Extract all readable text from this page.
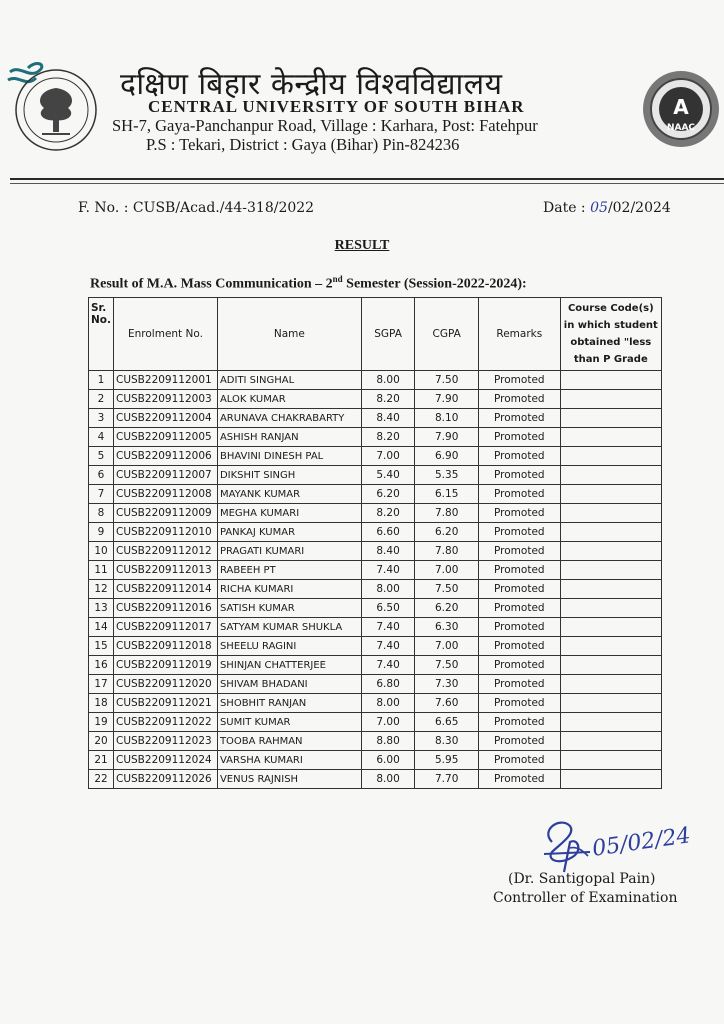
दक्षिण बिहार केन्द्रीय विश्वविद्यालय
CENTRAL UNIVERSITY OF SOUTH BIHAR
SH-7, Gaya-Panchanpur Road, Village : Karhara, Post: Fatehpur
P.S : Tekari, District : Gaya (Bihar) Pin-824236
A
NAAC
F. No. : CUSB/Acad./44-318/2022	Date : 05/02/2024
RESULT
Result of M.A. Mass Communication – 2nd Semester (Session-2022-2024):
Sr. No.	Enrolment No.	Name	SGPA	CGPA	Remarks	Course Code(s) in which student obtained "less than P Grade
1	CUSB2209112001	ADITI SINGHAL	8.00	7.50	Promoted	
2	CUSB2209112003	ALOK KUMAR	8.20	7.90	Promoted	
3	CUSB2209112004	ARUNAVA CHAKRABARTY	8.40	8.10	Promoted	
4	CUSB2209112005	ASHISH RANJAN	8.20	7.90	Promoted	
5	CUSB2209112006	BHAVINI DINESH PAL	7.00	6.90	Promoted	
6	CUSB2209112007	DIKSHIT SINGH	5.40	5.35	Promoted	
7	CUSB2209112008	MAYANK KUMAR	6.20	6.15	Promoted	
8	CUSB2209112009	MEGHA KUMARI	8.20	7.80	Promoted	
9	CUSB2209112010	PANKAJ KUMAR	6.60	6.20	Promoted	
10	CUSB2209112012	PRAGATI KUMARI	8.40	7.80	Promoted	
11	CUSB2209112013	RABEEH PT	7.40	7.00	Promoted	
12	CUSB2209112014	RICHA KUMARI	8.00	7.50	Promoted	
13	CUSB2209112016	SATISH KUMAR	6.50	6.20	Promoted	
14	CUSB2209112017	SATYAM KUMAR SHUKLA	7.40	6.30	Promoted	
15	CUSB2209112018	SHEELU RAGINI	7.40	7.00	Promoted	
16	CUSB2209112019	SHINJAN CHATTERJEE	7.40	7.50	Promoted	
17	CUSB2209112020	SHIVAM BHADANI	6.80	7.30	Promoted	
18	CUSB2209112021	SHOBHIT RANJAN	8.00	7.60	Promoted	
19	CUSB2209112022	SUMIT KUMAR	7.00	6.65	Promoted	
20	CUSB2209112023	TOOBA RAHMAN	8.80	8.30	Promoted	
21	CUSB2209112024	VARSHA KUMARI	6.00	5.95	Promoted	
22	CUSB2209112026	VENUS RAJNISH	8.00	7.70	Promoted	
05/02/24
(Dr. Santigopal Pain)
Controller of Examination
